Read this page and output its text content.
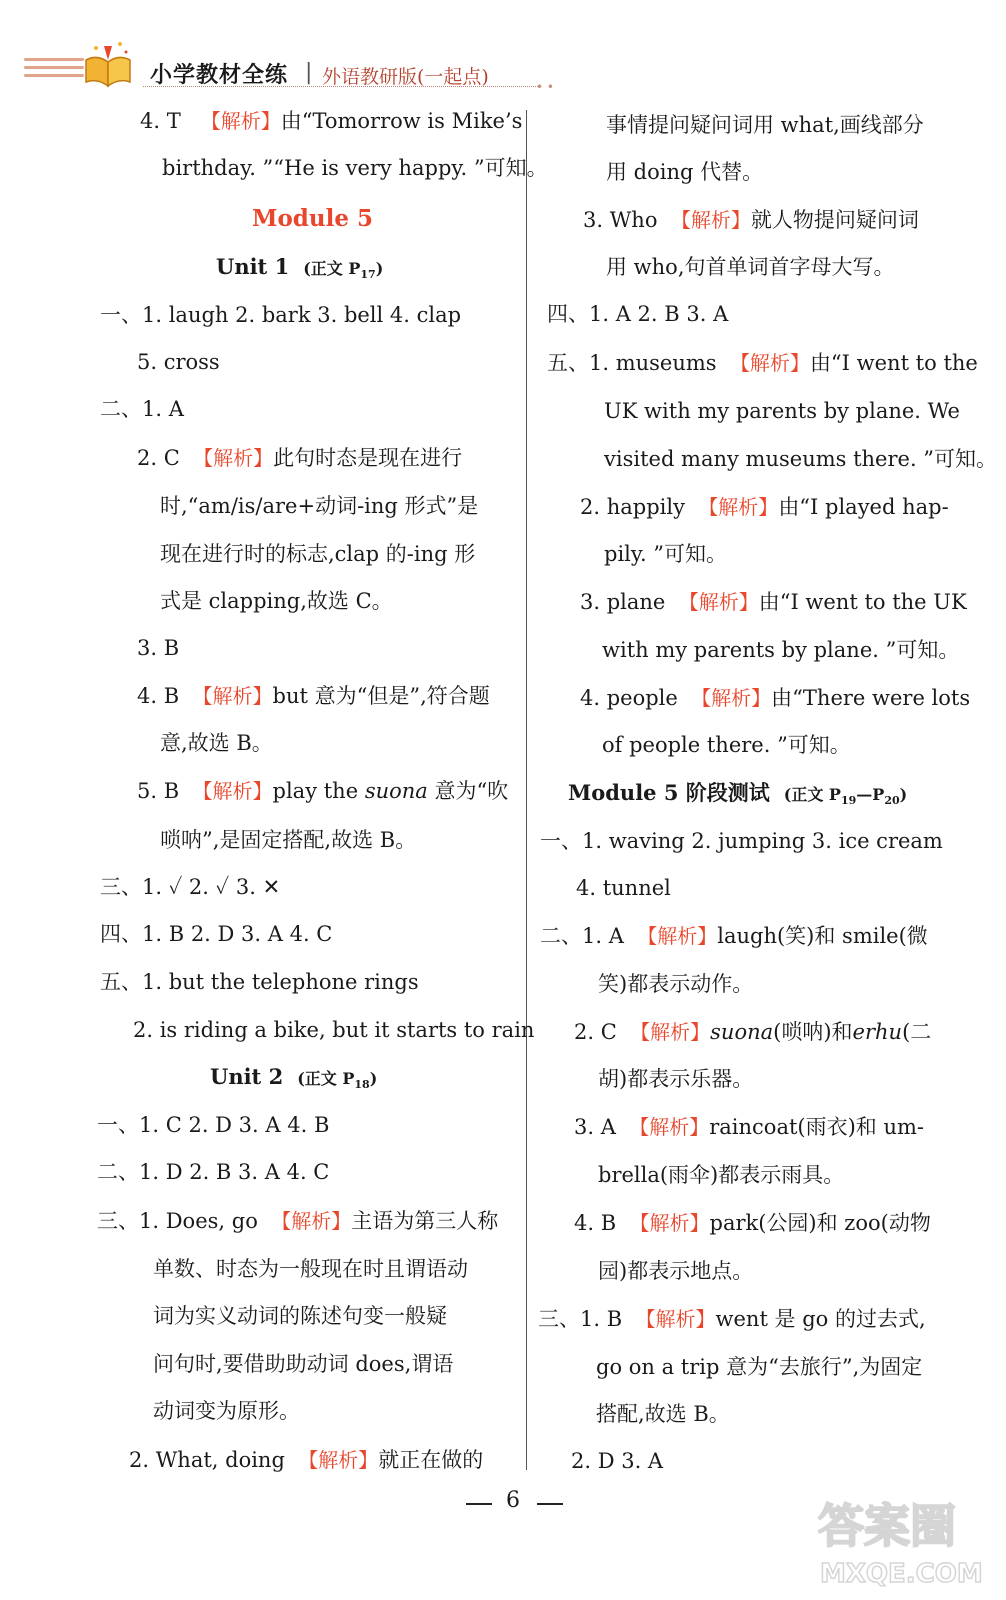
小学教材全练 | 外语教研版(一起点)	• •
4. T 【解析】由“Tomorrow is Mike’s
birthday. ”“He is very happy. ”可知。
Module 5
Unit 1 (正文 $P_{17}$)
一、1. laugh 2. bark 3. bell 4. clap
5. cross
二、1. A
2. C 【解析】此句时态是现在进行
时,“am/is/are+动词-ing 形式”是
现在进行时的标志,clap 的-ing 形
式是 clapping,故选 C。
3. B
4. B 【解析】but 意为“但是”,符合题
意,故选 B。
5. B 【解析】play the suona 意为“吹
唢呐”,是固定搭配,故选 B。
三、1. ✓ 2. ✓ 3. ✕
四、1. B 2. D 3. A 4. C
五、1. but the telephone rings
2. is riding a bike, but it starts to rain
Unit 2 (正文 $P_{18}$)
一、1. C 2. D 3. A 4. B
二、1. D 2. B 3. A 4. C
三、1. Does, go 【解析】主语为第三人称
单数、时态为一般现在时且谓语动
词为实义动词的陈述句变一般疑
问句时,要借助助动词 does,谓语
动词变为原形。
2. What, doing 【解析】就正在做的
事情提问疑问词用 what,画线部分
用 doing 代替。
3. Who 【解析】就人物提问疑问词
用 who,句首单词首字母大写。
四、1. A 2. B 3. A
五、1. museums 【解析】由“I went to the
UK with my parents by plane. We
visited many museums there. ”可知。
2. happily 【解析】由“I played hap-
pily. ”可知。
3. plane 【解析】由“I went to the UK
with my parents by plane. ”可知。
4. people 【解析】由“There were lots
of people there. ”可知。
Module 5 阶段测试 (正文 $P_{19}—P_{20}$)
一、1. waving 2. jumping 3. ice cream
4. tunnel
二、1. A 【解析】laugh(笑)和 smile(微
笑)都表示动作。
2. C 【解析】suona(唢呐)和erhu(二
胡)都表示乐器。
3. A 【解析】raincoat(雨衣)和 um-
brella(雨伞)都表示雨具。
4. B 【解析】park(公园)和 zoo(动物
园)都表示地点。
三、1. B 【解析】went 是 go 的过去式,
go on a trip 意为“去旅行”,为固定
搭配,故选 B。
2. D 3. A
6	答案圈
MXQE.COM
